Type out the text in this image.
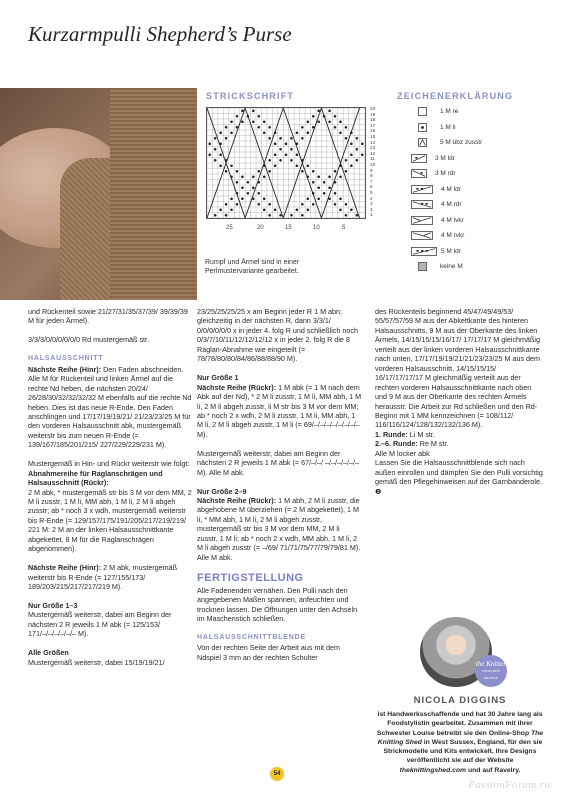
Kurzarmpulli Shepherd’s Purse
STRICKSCHRIFT
20
19
18
17
16
15
14
13
12
11
10
9
8
7
6
5
4
3
2
1
25	20	15	10	5
Rumpf und Ärmel sind in einer Perlmustervariante gearbeitet.
ZEICHENERKLÄRUNG
1 M re
1 M li
5 M übz zusstr
3 M ldr
3 M rdr
4 M ldr
4 M rdr
4 M lvkr
4 M rvkr
5 M ldr
keine M

und Rückenteil sowie 21/27/31/35/37/39/ 39/39/39 M für jeden Ärmel).

3/3/3/0/0/0/0/0/0 Rd mustergemäß str.

HALSAUSSCHNITT
Nächste Reihe (Hinr): Den Faden abschneiden. Alle M für Rückenteil und linken Ärmel auf die rechte Nd heben, die nächsten 20/24/ 26/28/30/32/32/32/32 M ebenfalls auf die rechte Nd heben. Dies ist das neue R-Ende. Den Faden anschlingen und 17/17/19/19/21/ 21/23/23/25 M für den vorderen Halsausschnitt abk, mustergemäß weiterstr bis zum neuen R-Ende (= 139/167/185/201/215/ 227/229/229/231 M).

Mustergemäß in Hin- und Rückr weiterstr wie folgt:
Abnahmereihe für Raglanschrägen und Halsausschnitt (Rückr):
2 M abk, * mustergemäß str bis 3 M vor dem MM, 2 M li zusstr, 1 M li, MM abh, 1 M li, 2 M li abgeh zusstr; ab * noch 3 x wdh, mustergemäß weiterstr bis R-Ende (= 129/157/175/191/205/217/219/219/ 221 M: 2 M an der linken Halsausschnittkante abgekettet, 8 M für die Raglanschrägen abgenommen).

Nächste Reihe (Hinr): 2 M abk, mustergemäß weiterstr bis R-Ende (= 127/155/173/ 189/203/215/217/217/219 M).

Nur Größe 1–3
Mustergemäß weiterstr, dabei am Beginn der nächsten 2 R jeweils 1 M abk (= 125/153/ 171/–/–/–/–/–/– M).

Alle Größen
Mustergemäß weiterstr, dabei 15/19/19/21/

23/25/25/25/25 x am Beginn jeder R 1 M abn; gleichzeitig in der nächsten R, dann 3/3/1/ 0/0/0/0/0/0 x in jeder 4. folg R und schließlich noch 0/3/7/10/11/12/12/12/12 x in jeder 2. folg R die 8 Raglan-Abnahme wie eingeteilt (= 78/78/80/80/84/86/88/88/90 M).

Nur Größe 1
Nächste Reihe (Rückr): 1 M abk (= 1 M nach dem Abk auf der Nd), * 2 M li zusstr, 1 M li, MM abh, 1 M li, 2 M li abgeh zusstr, li M str bis 3 M vor dem MM; ab * noch 2 x wdh, 2 M li zusstr, 1 M li, MM abh, 1 M li, 2 M li abgeh zusstr, 1 M li (= 69/–/–/–/–/–/–/–/– M).

Mustergemäß weiterstr, dabei am Beginn der nächsten 2 R jeweils 1 M abk (= 67/–/–/ –/–/–/–/–/– M). Alle M abk.

Nur Größe 2–9
Nächste Reihe (Rückr): 1 M abh, 2 M li zusstr, die abgehobene M überziehen (= 2 M abgekettet), 1 M li, * MM abh, 1 M li, 2 M li abgeh zusstr, mustergemäß str bis 3 M vor dem MM, 2 M li zusstr, 1 M li; ab * noch 2 x wdh, MM abh, 1 M li, 2 M li abgeh zusstr (= –/69/ 71/71/75/77/79/79/81 M). Alle M abk.

FERTIGSTELLUNG
Alle Fadenenden vernähen. Den Pulli nach den angegebenen Maßen spannen, anfeuchten und trocknen lassen. Die Öffnungen unter den Achseln im Maschenstich schließen.

HALSAUSSCHNITTBLENDE
Von der rechten Seite der Arbeit aus mit dem Ndspiel 3 mm an der rechten Schulter

des Rückenteils beginnend 45/47/49/49/53/ 55/57/57/59 M aus der Abkettkante des hinteren Halsausschnitts, 9 M aus der Oberkante des linken Ärmels, 14/15/15/15/16/17/ 17/17/17 M gleichmäßig verteilt aus der linken vorderen Halsausschnittkante nach unten, 17/17/19/19/21/21/23/23/25 M aus dem vorderen Halsausschnitt, 14/15/15/15/ 16/17/17/17/17 M gleichmäßig verteilt aus der rechten vorderen Halsausschnittkante nach oben und 9 M aus der Oberkante des rechten Ärmels herausstr. Die Arbeit zur Rd schließen und den Rd-Beginn mit 1 MM kennzeichnen (= 108/112/ 116/116/124/128/132/132/136 M).

1. Runde: Li M str.
2.–6. Runde: Re M str.
Alle M locker abk
Lassen Sie die Halsausschnittblende sich nach außen einrollen und dämpfen Sie den Pulli vorsichtig gemäß den Pflegehinweisen auf der Garnbanderole. ❷
the Knitter
DESIGNER PROFILE
NICOLA DIGGINS
ist Handwerksschaffende und hat 30 Jahre lang als Foodstylistin gearbeitet. Zusammen mit ihrer Schwester Louise betreibt sie den Online-Shop The Knitting Shed in West Sussex, England, für den sie Strickmodelle und Kits entwickelt. Ihre Designs veröffentlicht sie auf der Website theknittingshed.com und auf Ravelry.
54
PassionForum.ru
